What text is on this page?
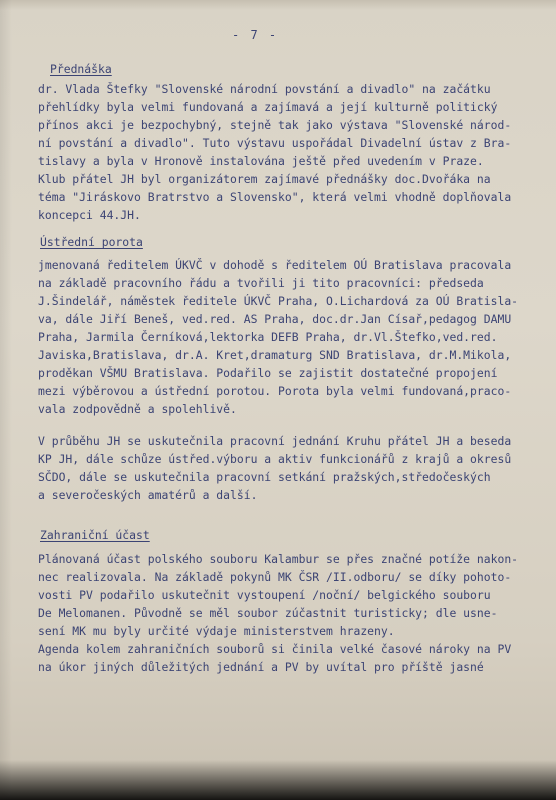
- 7 -
Přednáška
dr. Vlada Štefky "Slovenské národní povstání a divadlo" na začátku
přehlídky byla velmi fundovaná a zajímavá a její kulturně politický
přínos akci je bezpochybný, stejně tak jako výstava "Slovenské národ-
ní povstání a divadlo". Tuto výstavu uspořádal Divadelní ústav z Bra-
tislavy a byla v Hronově instalována ještě před uvedením v Praze.
Klub přátel JH byl organizátorem zajímavé přednášky doc.Dvořáka na
téma "Jiráskovo Bratrstvo a Slovensko", která velmi vhodně doplňovala
koncepci 44.JH.
Ústřední porota
jmenovaná ředitelem ÚKVČ v dohodě s ředitelem OÚ Bratislava pracovala
na základě pracovního řádu a tvořili ji tito pracovníci: předseda
J.Šindelář, náměstek ředitele ÚKVČ Praha, O.Lichardová za OÚ Bratisla-
va, dále Jiří Beneš, ved.red. AS Praha, doc.dr.Jan Císař,pedagog DAMU
Praha, Jarmila Černíková,lektorka DEFB Praha, dr.Vl.Štefko,ved.red.
Javiska,Bratislava, dr.A. Kret,dramaturg SND Bratislava, dr.M.Mikola,
proděkan VŠMU Bratislava. Podařilo se zajistit dostatečné propojení
mezi výběrovou a ústřední porotou. Porota byla velmi fundovaná,praco-
vala zodpovědně a spolehlivě.
V průběhu JH se uskutečnila pracovní jednání Kruhu přátel JH a beseda
KP JH, dále schůze ústřed.výboru a aktiv funkcionářů z krajů a okresů
SČDO, dále se uskutečnila pracovní setkání pražských,středočeských
a severočeských amatérů a další.
Zahraniční účast
Plánovaná účast polského souboru Kalambur se přes značné potíže nakon-
nec realizovala. Na základě pokynů MK ČSR /II.odboru/ se díky pohoto-
vosti PV podařilo uskutečnit vystoupení /noční/ belgického souboru
De Melomanen. Původně se měl soubor zúčastnit turisticky; dle usne-
sení MK mu byly určité výdaje ministerstvem hrazeny.
Agenda kolem zahraničních souborů si činila velké časové nároky na PV
na úkor jiných důležitých jednání a PV by uvítal pro příště jasné
